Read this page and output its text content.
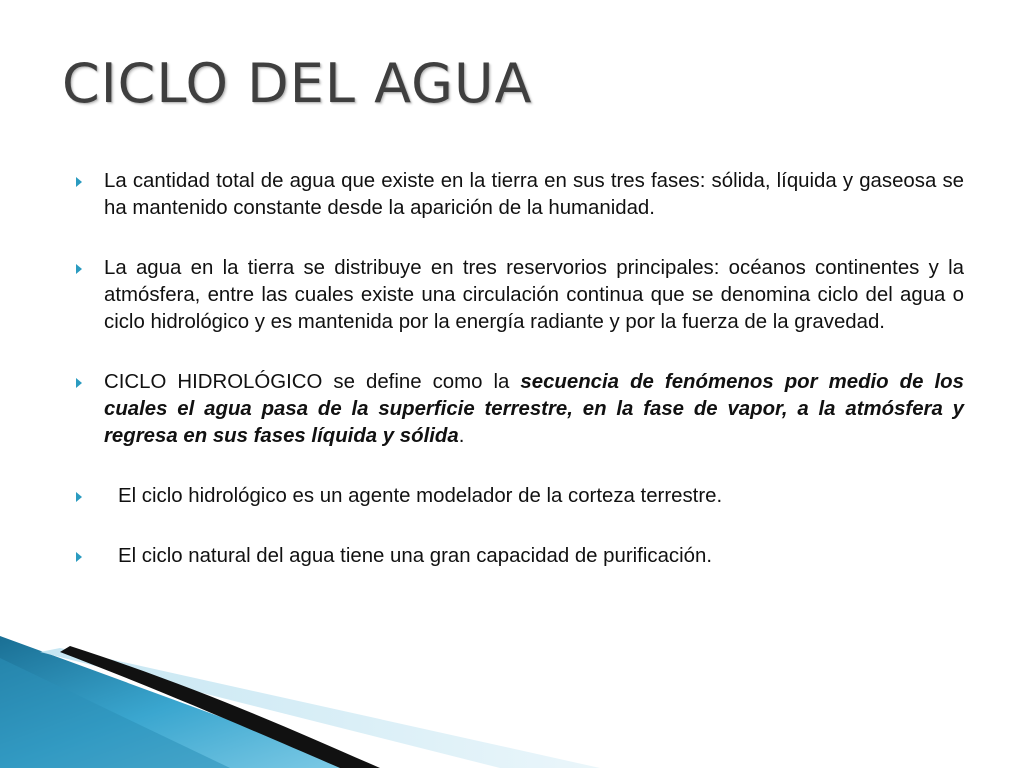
CICLO DEL AGUA
La cantidad total de agua que existe en la tierra en sus tres fases: sólida, líquida y gaseosa se ha mantenido constante desde la aparición de la humanidad.
La agua en la tierra se distribuye en tres reservorios principales: océanos continentes y la atmósfera, entre las cuales existe una circulación continua que se denomina ciclo del agua o ciclo hidrológico y es mantenida por la energía radiante y por la fuerza de la gravedad.
CICLO HIDROLÓGICO se define como la secuencia de fenómenos por medio de los cuales el agua pasa de la superficie terrestre, en la fase de vapor, a la atmósfera y regresa en sus fases líquida y sólida.
El ciclo hidrológico es un agente modelador de la corteza terrestre.
El ciclo natural del agua tiene una gran capacidad de purificación.
